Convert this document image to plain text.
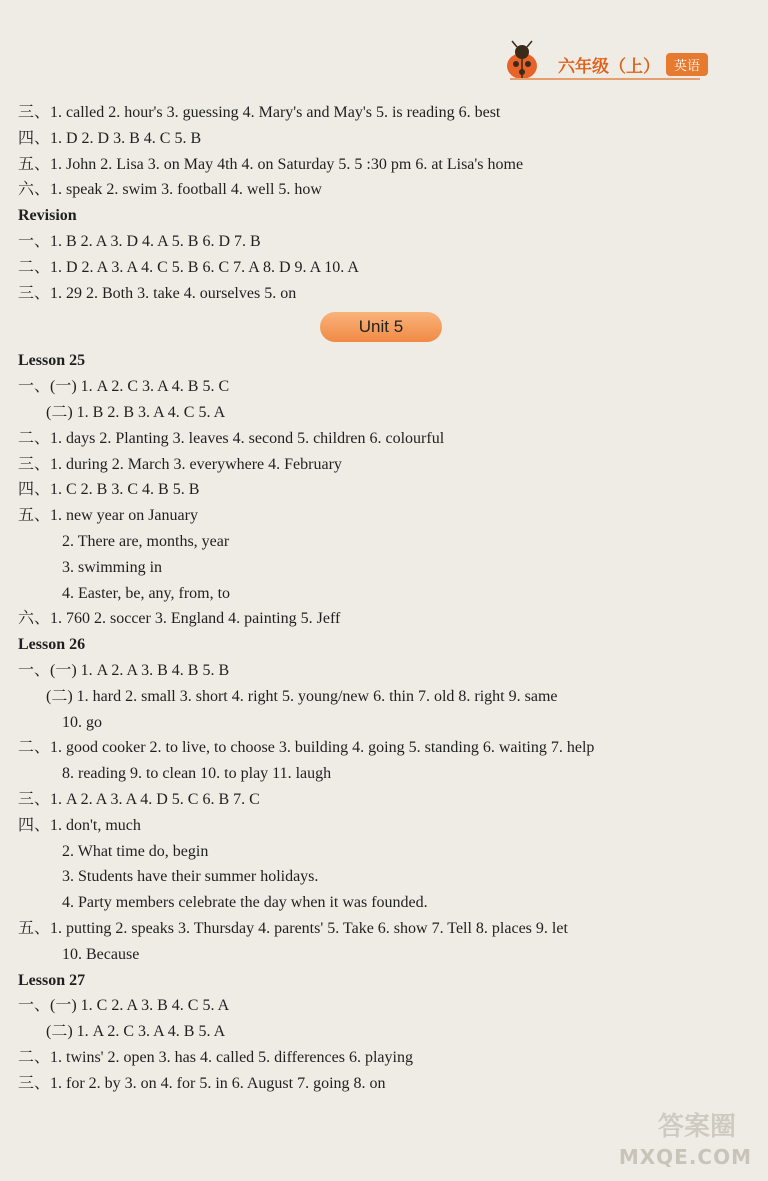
六年级（上）	英语
三、1. called 2. hour's 3. guessing 4. Mary's and May's 5. is reading 6. best
四、1. D 2. D 3. B 4. C 5. B
五、1. John 2. Lisa 3. on May 4th 4. on Saturday 5. 5 :30 pm 6. at Lisa's home
六、1. speak 2. swim 3. football 4. well 5. how
Revision
一、1. B 2. A 3. D 4. A 5. B 6. D 7. B
二、1. D 2. A 3. A 4. C 5. B 6. C 7. A 8. D 9. A 10. A
三、1. 29 2. Both 3. take 4. ourselves 5. on
Unit 5
Lesson 25
一、(一) 1. A 2. C 3. A 4. B 5. C
(二) 1. B 2. B 3. A 4. C 5. A
二、1. days 2. Planting 3. leaves 4. second 5. children 6. colourful
三、1. during 2. March 3. everywhere 4. February
四、1. C 2. B 3. C 4. B 5. B
五、1. new year on January
2. There are, months, year
3. swimming in
4. Easter, be, any, from, to
六、1. 760 2. soccer 3. England 4. painting 5. Jeff
Lesson 26
一、(一) 1. A 2. A 3. B 4. B 5. B
(二) 1. hard 2. small 3. short 4. right 5. young/new 6. thin 7. old 8. right 9. same
10. go
二、1. good cooker 2. to live, to choose 3. building 4. going 5. standing 6. waiting 7. help
8. reading 9. to clean 10. to play 11. laugh
三、1. A 2. A 3. A 4. D 5. C 6. B 7. C
四、1. don't, much
2. What time do, begin
3. Students have their summer holidays.
4. Party members celebrate the day when it was founded.
五、1. putting 2. speaks 3. Thursday 4. parents' 5. Take 6. show 7. Tell 8. places 9. let
10. Because
Lesson 27
一、(一) 1. C 2. A 3. B 4. C 5. A
(二) 1. A 2. C 3. A 4. B 5. A
二、1. twins' 2. open 3. has 4. called 5. differences 6. playing
三、1. for 2. by 3. on 4. for 5. in 6. August 7. going 8. on
答案圈
MXQE.COM
